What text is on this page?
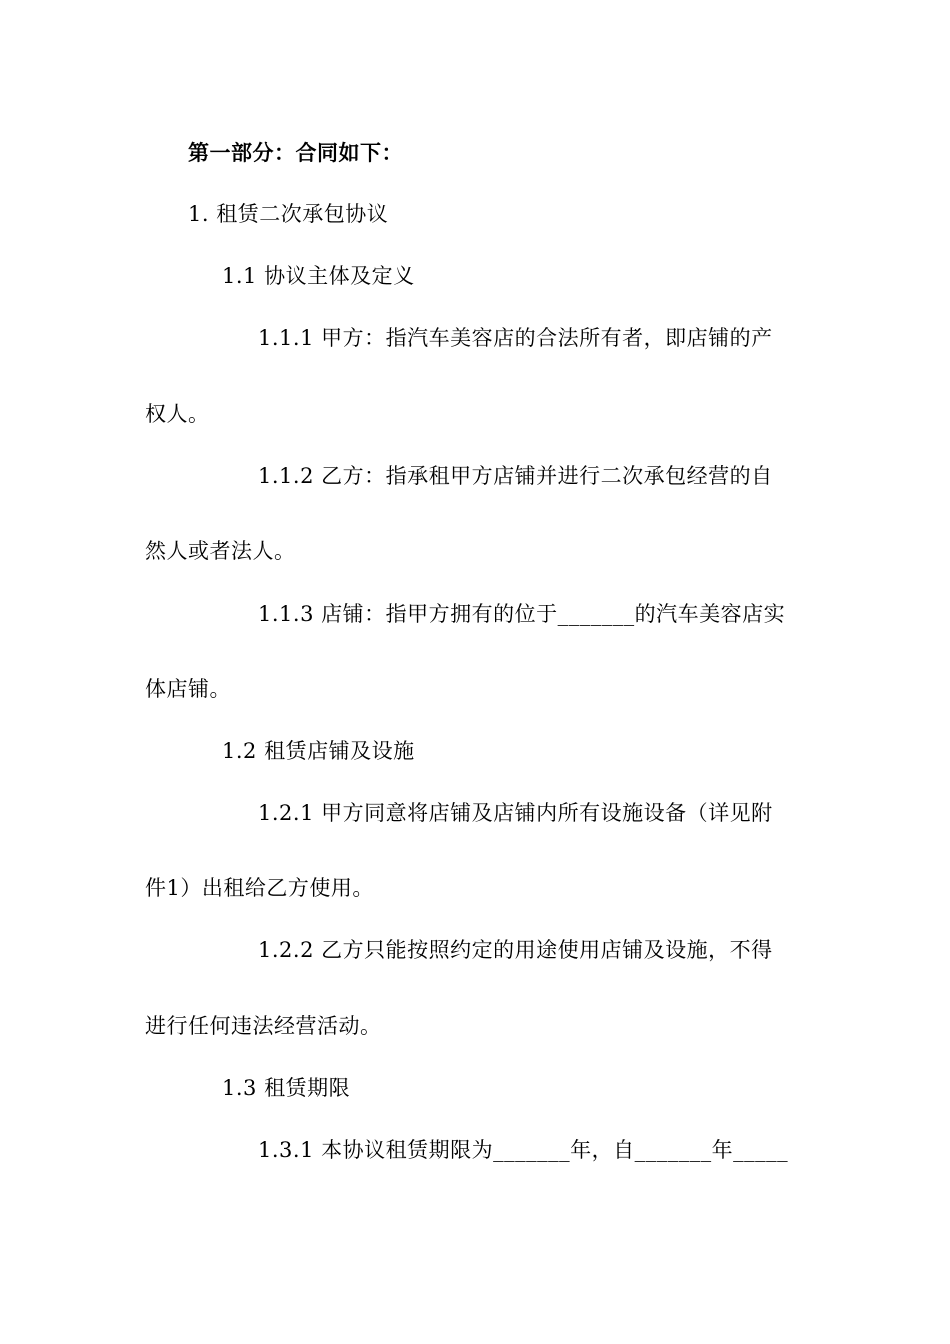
第一部分：合同如下：
1. 租赁二次承包协议
1.1 协议主体及定义
1.1.1 甲方：指汽车美容店的合法所有者，即店铺的产
权人。
1.1.2 乙方：指承租甲方店铺并进行二次承包经营的自
然人或者法人。
1.1.3 店铺：指甲方拥有的位于_______的汽车美容店实
体店铺。
1.2 租赁店铺及设施
1.2.1 甲方同意将店铺及店铺内所有设施设备（详见附
件1）出租给乙方使用。
1.2.2 乙方只能按照约定的用途使用店铺及设施，不得
进行任何违法经营活动。
1.3 租赁期限
1.3.1 本协议租赁期限为_______年，自_______年_____
